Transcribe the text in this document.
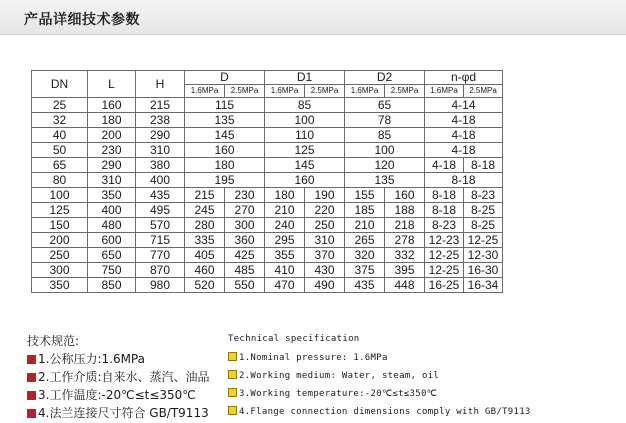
产品详细技术参数
DN	L	H	D		D1		D2		n-φd	
			1.6MPa	2.5MPa	1.6MPa	2.5MPa	1.6MPa	2.5MPa	1.6MPa	2.5MPa
25	160	215	115		85		65		4-14	
32	180	238	135		100		78		4-18	
40	200	290	145		110		85		4-18	
50	230	310	160		125		100		4-18	
65	290	380	180		145		120		4-18	8-18
80	310	400	195		160		135		8-18	
100	350	435	215	230	180	190	155	160	8-18	8-23
125	400	495	245	270	210	220	185	188	8-18	8-25
150	480	570	280	300	240	250	210	218	8-23	8-25
200	600	715	335	360	295	310	265	278	12-23	12-25
250	650	770	405	425	355	370	320	332	12-25	12-30
300	750	870	460	485	410	430	375	395	12-25	16-30
350	850	980	520	550	470	490	435	448	16-25	16-34
技术规范:
1.公称压力:1.6MPa
2.工作介质:自来水、蒸汽、油品
3.工作温度:-20℃≤t≤350℃
4.法兰连接尺寸符合 GB/T9113
Technical specification
1.Nominal pressure: 1.6MPa
2.Working medium: Water, steam, oil
3.Working temperature:-20℃≤t≤350℃
4.Flange connection dimensions comply with GB/T9113
